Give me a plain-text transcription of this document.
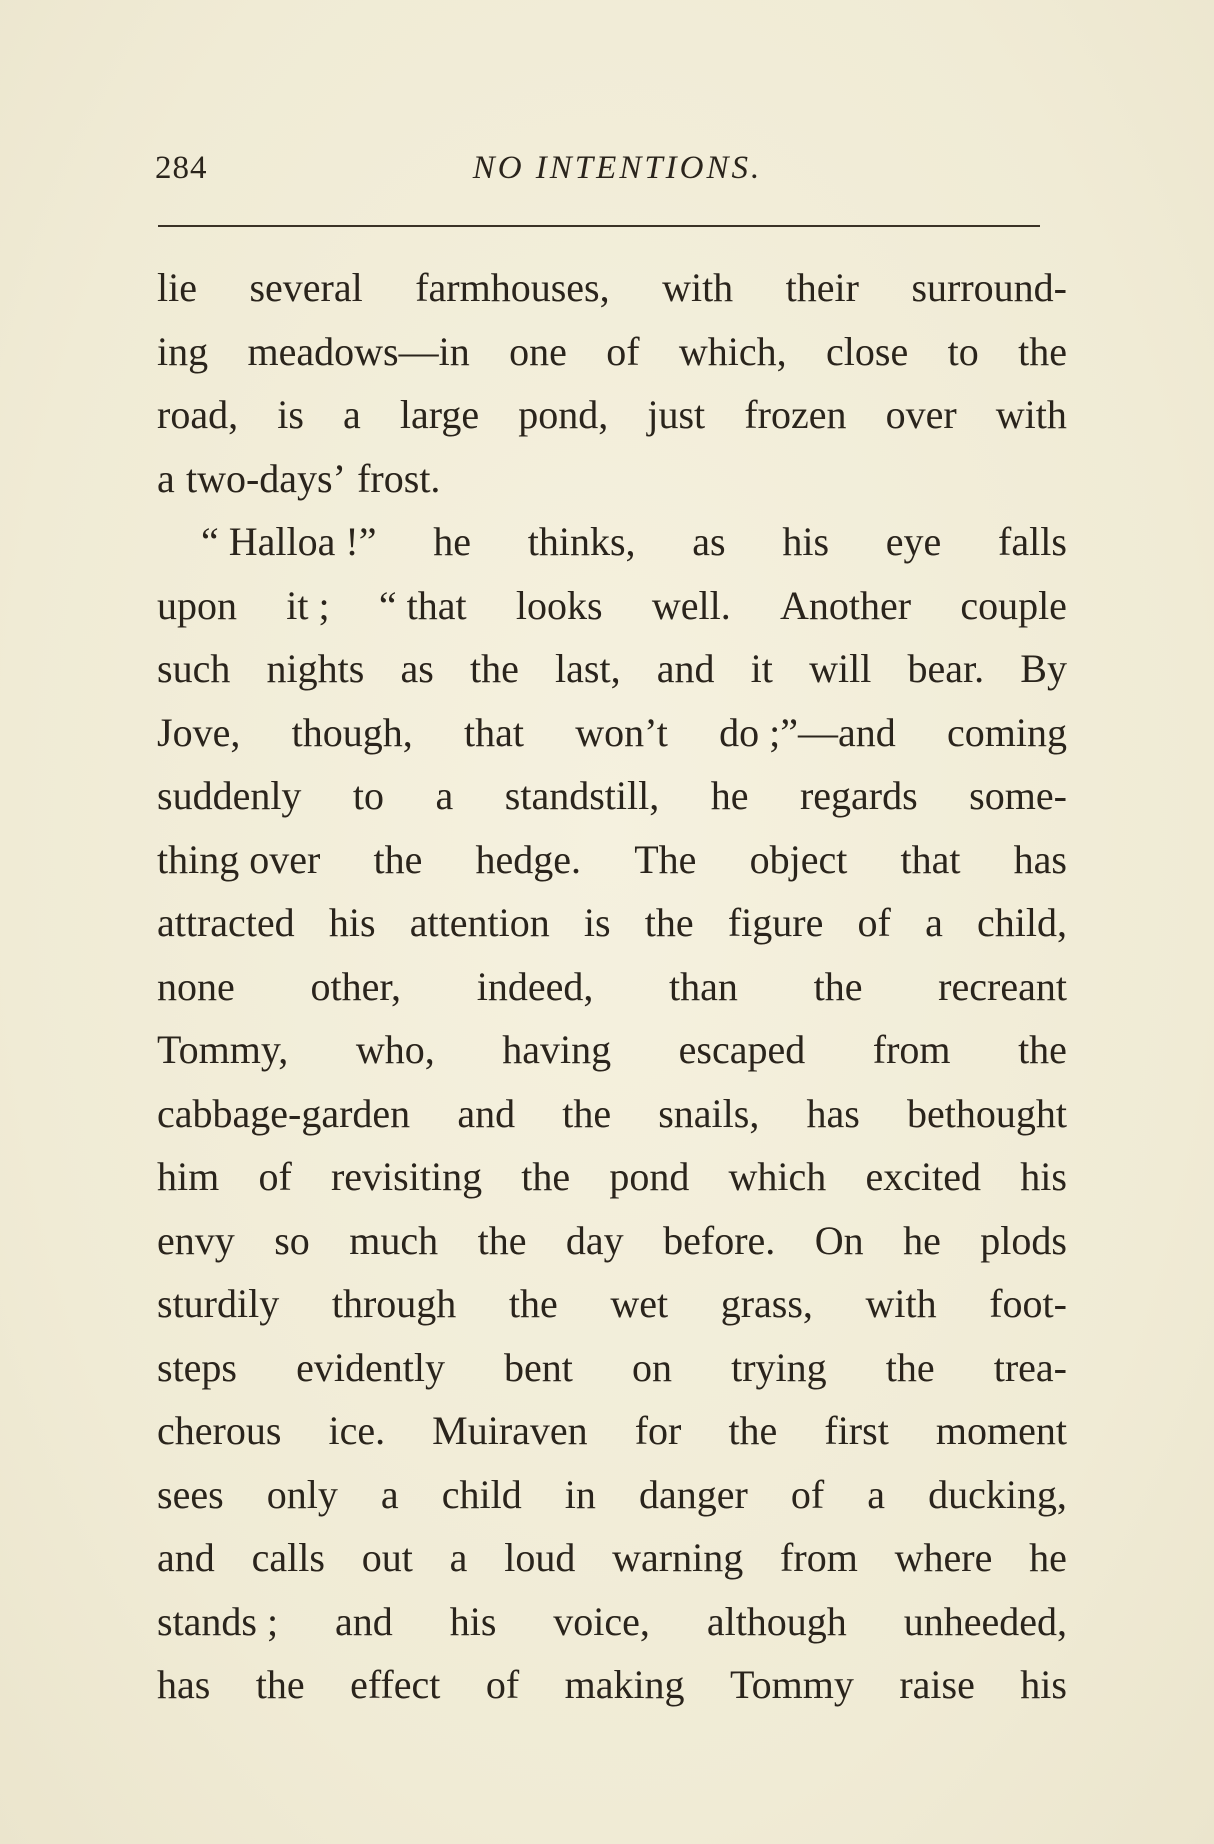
284	NO INTENTIONS.
lie several farmhouses, with their surround-
ing meadows—in one of which, close to the
road, is a large pond, just frozen over with
a two-days’ frost.
“ Halloa !” he thinks, as his eye falls
upon it ; “ that looks well. Another couple
such nights as the last, and it will bear. By
Jove, though, that won’t do ;”—and coming
suddenly to a standstill, he regards some-
thing over the hedge. The object that has
attracted his attention is the figure of a child,
none other, indeed, than the recreant
Tommy, who, having escaped from the
cabbage-garden and the snails, has bethought
him of revisiting the pond which excited his
envy so much the day before. On he plods
sturdily through the wet grass, with foot-
steps evidently bent on trying the trea-
cherous ice. Muiraven for the first moment
sees only a child in danger of a ducking,
and calls out a loud warning from where he
stands ; and his voice, although unheeded,
has the effect of making Tommy raise his
